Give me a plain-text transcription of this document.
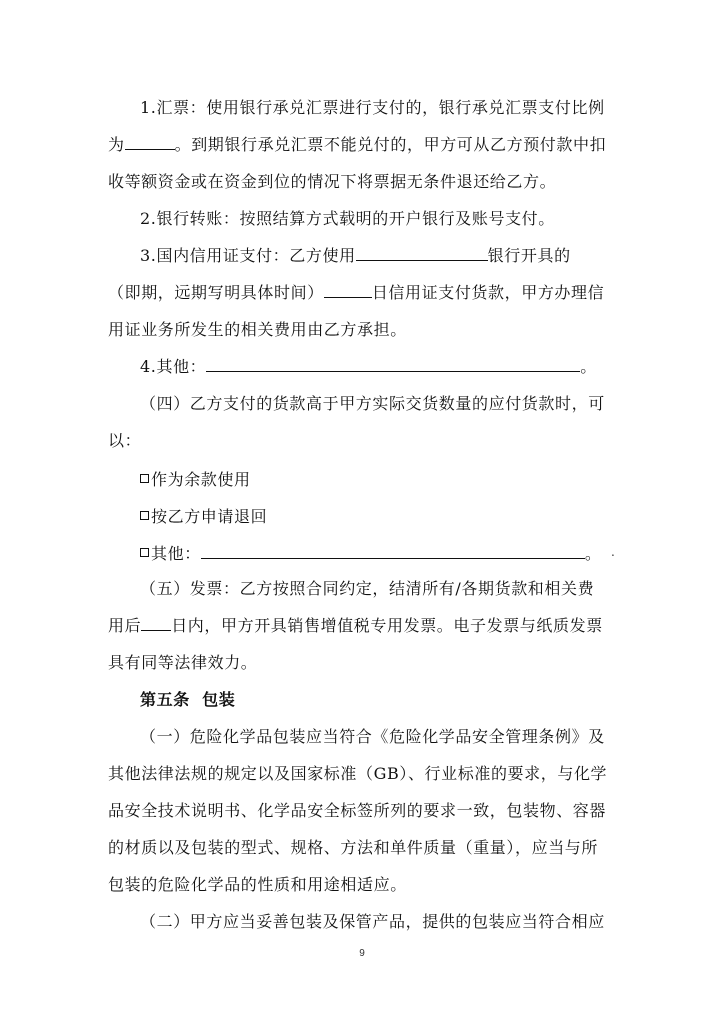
1.汇票：使用银行承兑汇票进行支付的，银行承兑汇票支付比例
为	。到期银行承兑汇票不能兑付的，甲方可从乙方预付款中扣
收等额资金或在资金到位的情况下将票据无条件退还给乙方。
2.银行转账：按照结算方式载明的开户银行及账号支付。
3.国内信用证支付：乙方使用	银行开具的
（即期，远期写明具体时间）	日信用证支付货款，甲方办理信
用证业务所发生的相关费用由乙方承担。
4.其他：	。
（四）乙方支付的货款高于甲方实际交货数量的应付货款时，可
以：
作为余款使用
按乙方申请退回
其他：	。 .
（五）发票：乙方按照合同约定，结清所有/各期货款和相关费
用后 日内，甲方开具销售增值税专用发票。电子发票与纸质发票
具有同等法律效力。
第五条  包装
（一）危险化学品包装应当符合《危险化学品安全管理条例》及
其他法律法规的规定以及国家标准（GB）、行业标准的要求，与化学
品安全技术说明书、化学品安全标签所列的要求一致，包装物、容器
的材质以及包装的型式、规格、方法和单件质量（重量），应当与所
包装的危险化学品的性质和用途相适应。
（二）甲方应当妥善包装及保管产品，提供的包装应当符合相应
9
